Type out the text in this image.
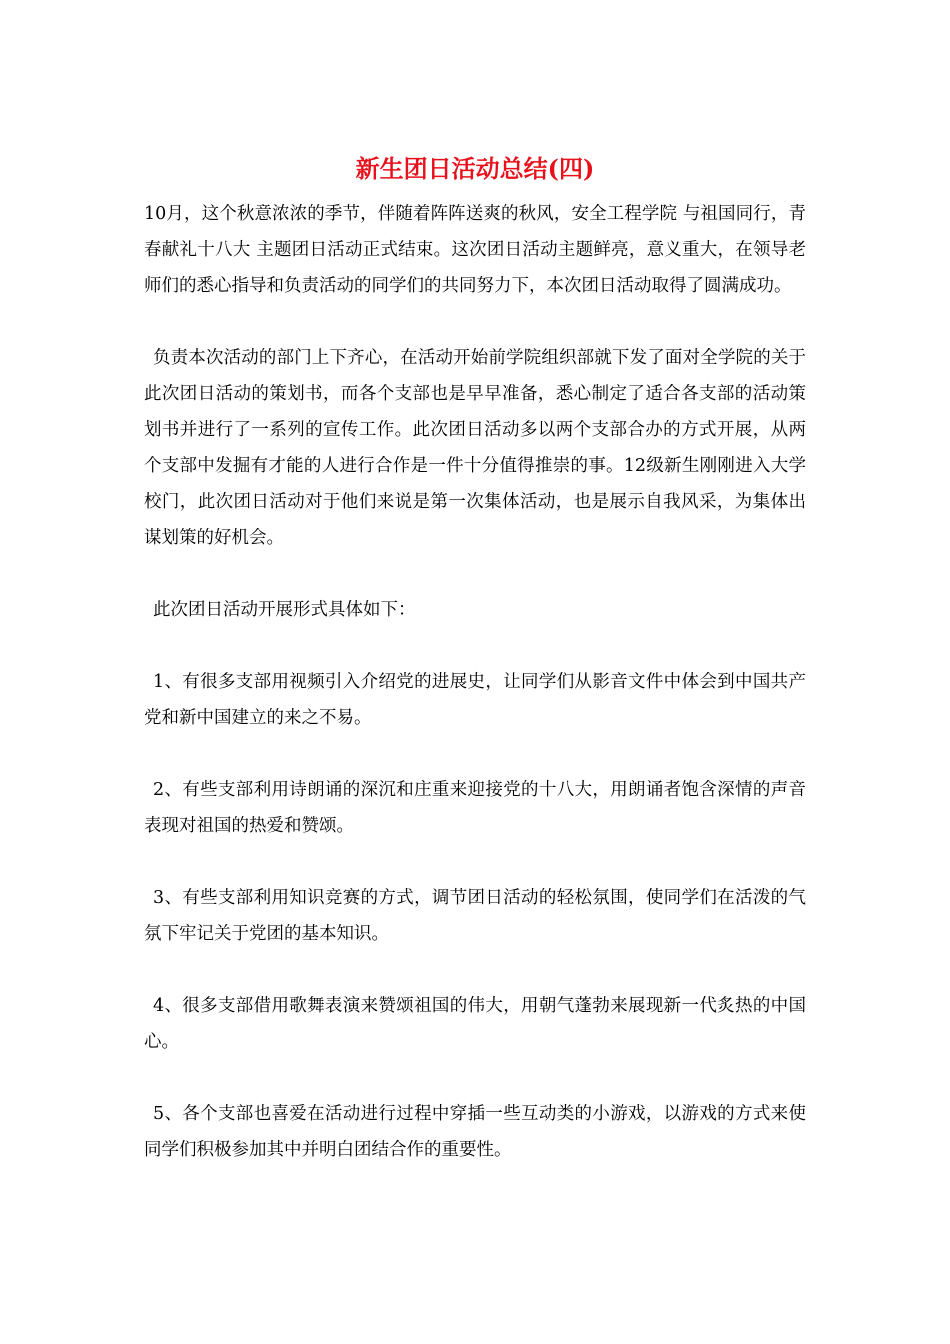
新生团日活动总结(四)

10月，这个秋意浓浓的季节，伴随着阵阵送爽的秋风，安全工程学院 与祖国同行，青春献礼十八大 主题团日活动正式结束。这次团日活动主题鲜亮，意义重大，在领导老师们的悉心指导和负责活动的同学们的共同努力下，本次团日活动取得了圆满成功。

负责本次活动的部门上下齐心，在活动开始前学院组织部就下发了面对全学院的关于此次团日活动的策划书，而各个支部也是早早准备，悉心制定了适合各支部的活动策划书并进行了一系列的宣传工作。此次团日活动多以两个支部合办的方式开展，从两个支部中发掘有才能的人进行合作是一件十分值得推崇的事。12级新生刚刚进入大学校门，此次团日活动对于他们来说是第一次集体活动，也是展示自我风采，为集体出谋划策的好机会。

此次团日活动开展形式具体如下：

1、有很多支部用视频引入介绍党的进展史，让同学们从影音文件中体会到中国共产党和新中国建立的来之不易。

2、有些支部利用诗朗诵的深沉和庄重来迎接党的十八大，用朗诵者饱含深情的声音表现对祖国的热爱和赞颂。

3、有些支部利用知识竞赛的方式，调节团日活动的轻松氛围，使同学们在活泼的气氛下牢记关于党团的基本知识。

4、很多支部借用歌舞表演来赞颂祖国的伟大，用朝气蓬勃来展现新一代炙热的中国心。

5、各个支部也喜爱在活动进行过程中穿插一些互动类的小游戏，以游戏的方式来使同学们积极参加其中并明白团结合作的重要性。
